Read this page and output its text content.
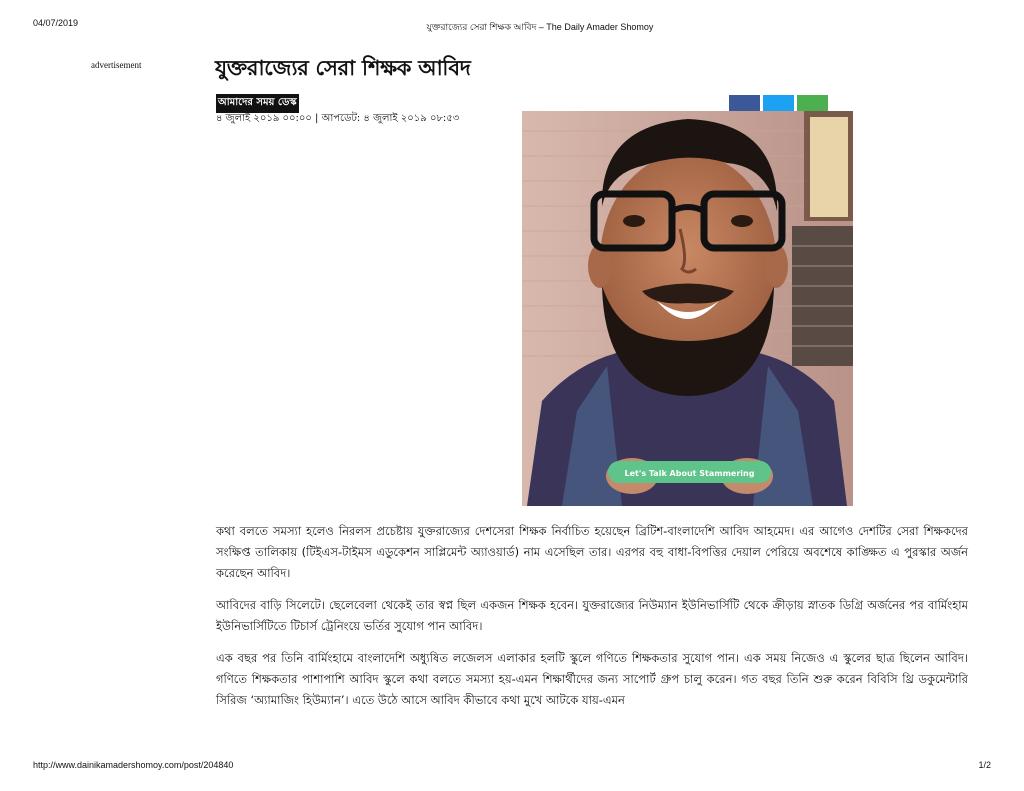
04/07/2019	যুক্তরাজ্যের সেরা শিক্ষক আবিদ – The Daily Amader Shomoy
advertisement	যুক্তরাজ্যের সেরা শিক্ষক আবিদ
আমাদের সময় ডেস্ক
৪ জুলাই ২০১৯ ০০:০০ | আপডেট: ৪ জুলাই ২০১৯ ০৮:৫৩
Let's Talk About Stammering

কথা বলতে সমস্যা হলেও নিরলস প্রচেষ্টায় যুক্তরাজ্যের দেশসেরা শিক্ষক নির্বাচিত হয়েছেন ব্রিটিশ-বাংলাদেশি আবিদ আহমেদ। এর আগেও দেশটির সেরা শিক্ষকদের সংক্ষিপ্ত তালিকায় (টিইএস-টাইমস এডুকেশন সাপ্লিমেন্ট অ্যাওয়ার্ড) নাম এসেছিল তার। এরপর বহু বাধা-বিপত্তির দেয়াল পেরিয়ে অবশেষে কাঙ্ক্ষিত এ পুরস্কার অর্জন করেছেন আবিদ।

আবিদের বাড়ি সিলেটে। ছেলেবেলা থেকেই তার স্বপ্ন ছিল একজন শিক্ষক হবেন। যুক্তরাজ্যের নিউম্যান ইউনিভার্সিটি থেকে ক্রীড়ায় স্নাতক ডিগ্রি অর্জনের পর বার্মিংহাম ইউনিভার্সিটিতে টিচার্স ট্রেনিংয়ে ভর্তির সুযোগ পান আবিদ।

এক বছর পর তিনি বার্মিংহামে বাংলাদেশি অধ্যুষিত লজেলস এলাকার হলটি স্কুলে গণিতে শিক্ষকতার সুযোগ পান। এক সময় নিজেও এ স্কুলের ছাত্র ছিলেন আবিদ। গণিতে শিক্ষকতার পাশাপাশি আবিদ স্কুলে কথা বলতে সমস্যা হয়-এমন শিক্ষার্থীদের জন্য সাপোর্ট গ্রুপ চালু করেন। গত বছর তিনি শুরু করেন বিবিসি থ্রি ডকুমেন্টারি সিরিজ ‘অ্যামাজিং হিউম্যান’। এতে উঠে আসে আবিদ কীভাবে কথা মুখে আটকে যায়-এমন

http://www.dainikamadershomoy.com/post/204840	1/2
